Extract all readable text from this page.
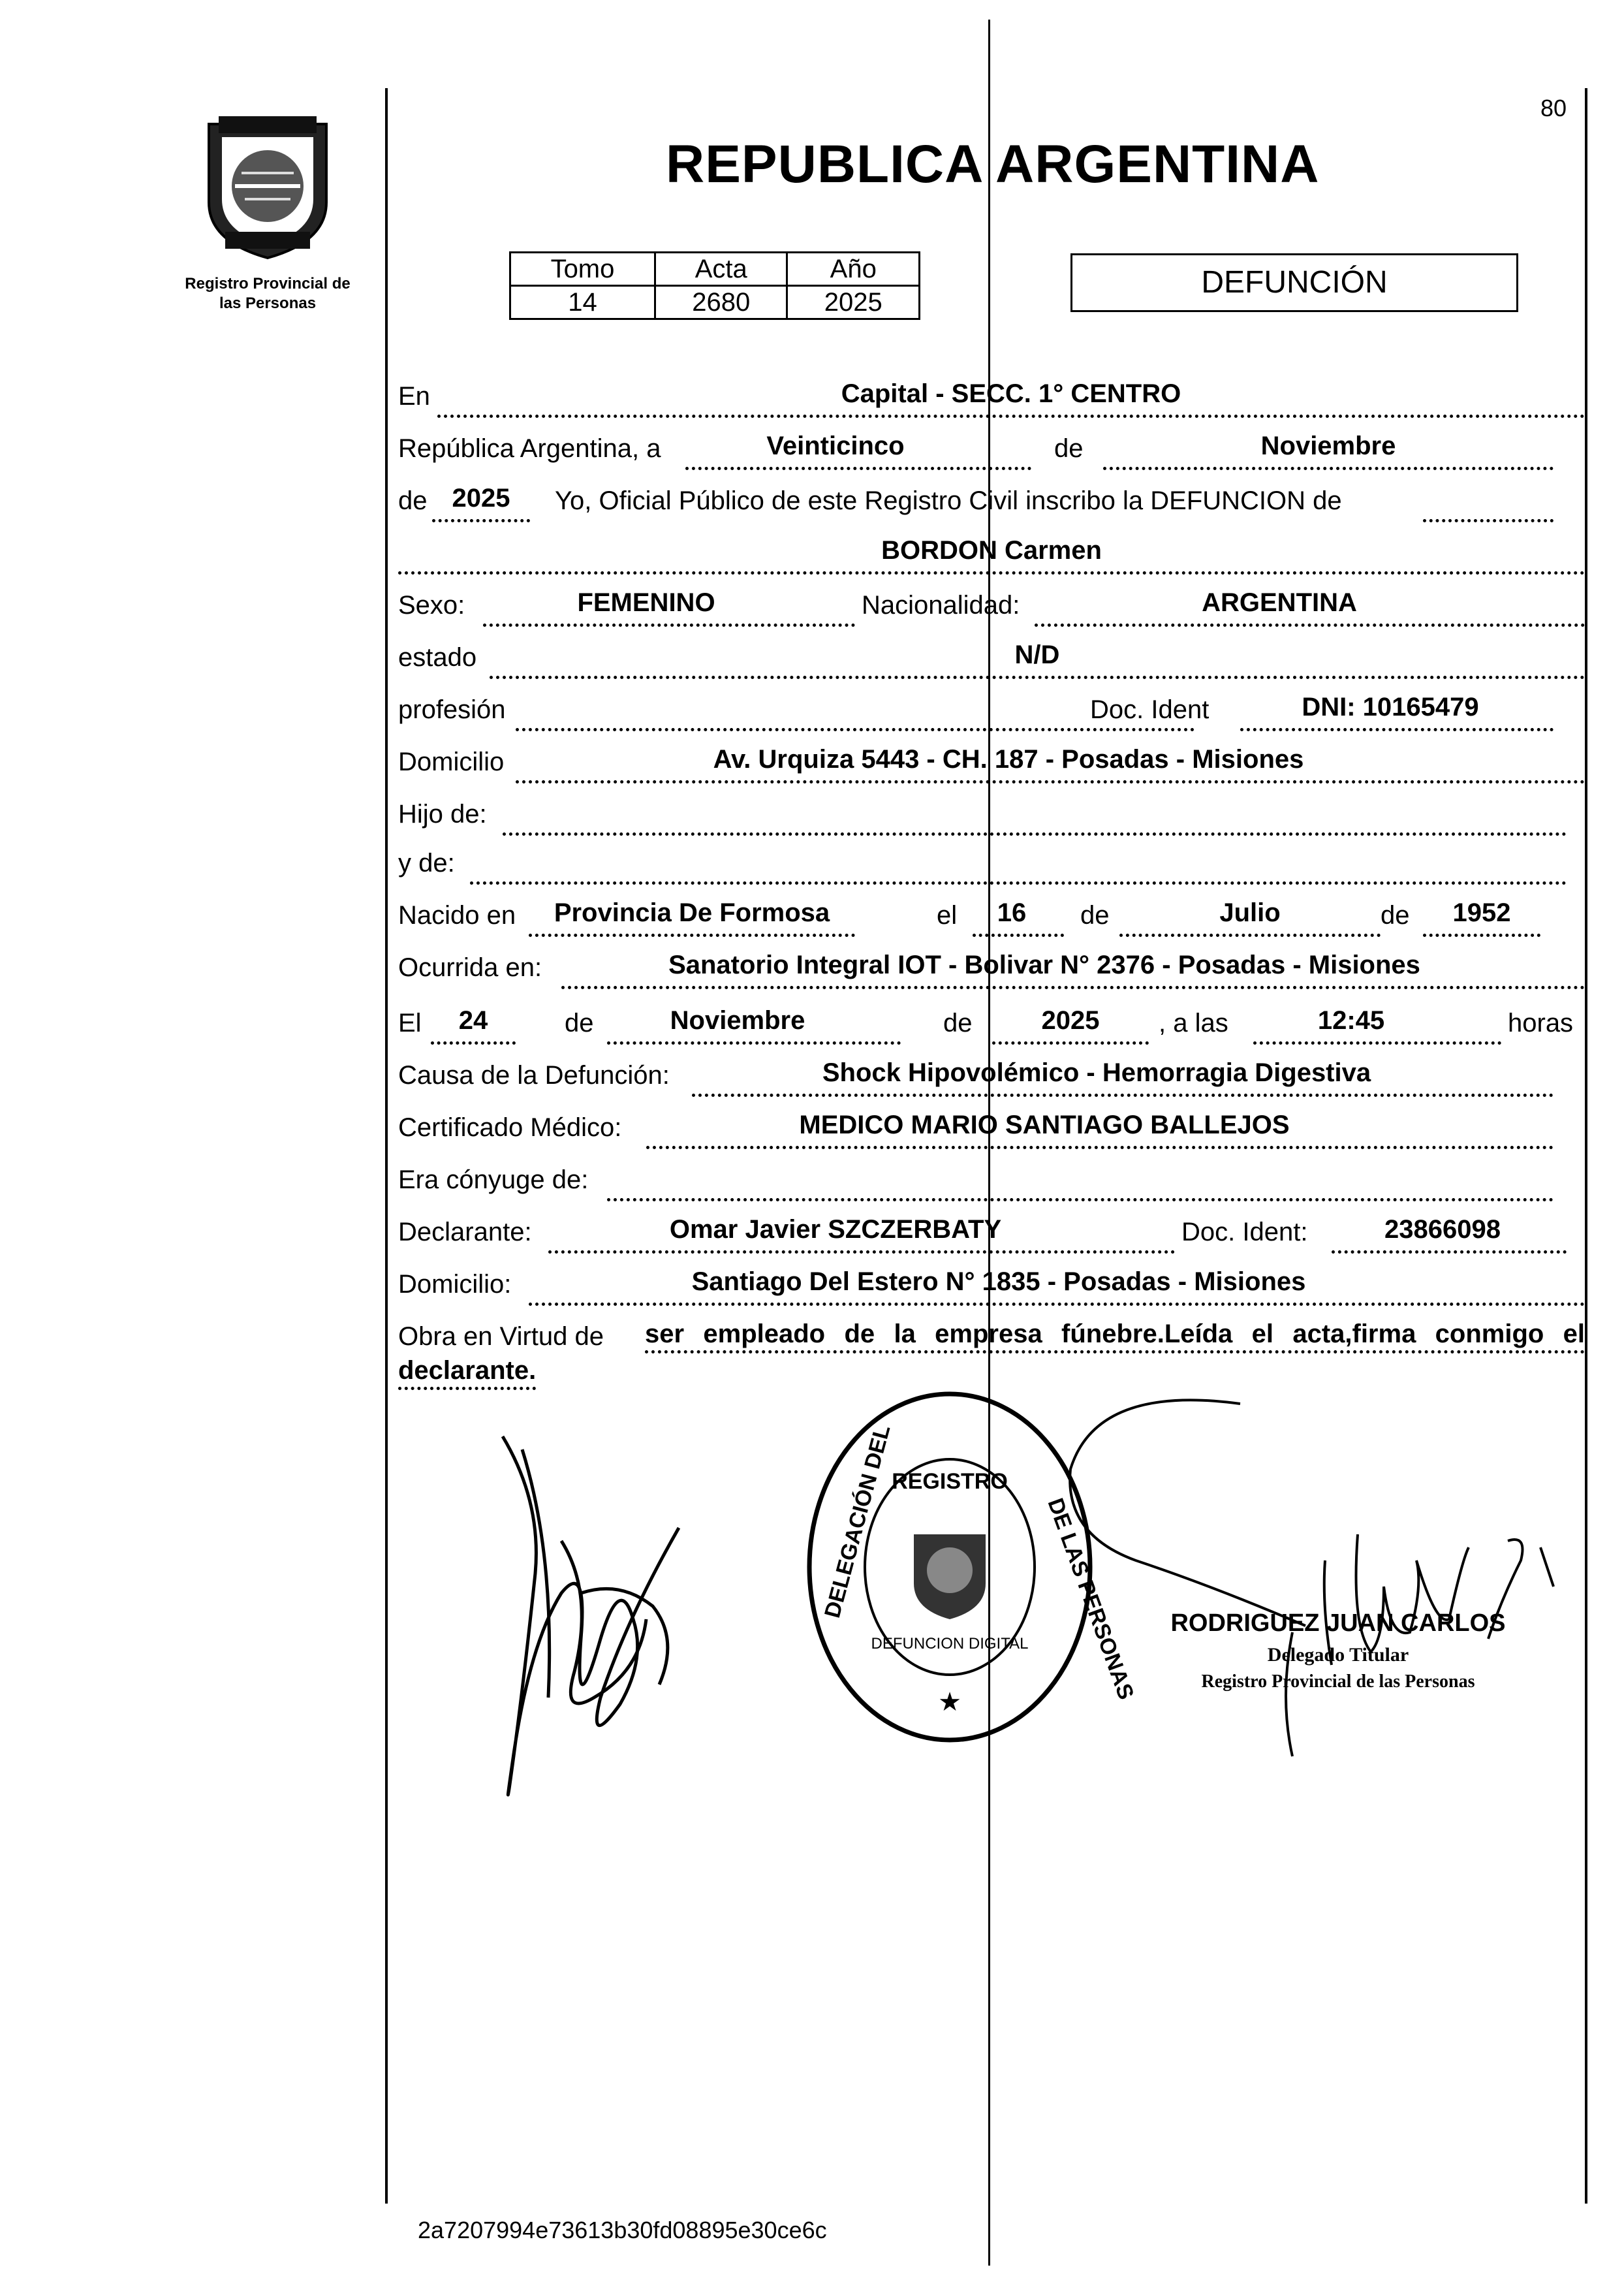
Registro Provincial de
las Personas
80
REPUBLICA ARGENTINA
Tomo	Acta	Año
14	2680	2025
DEFUNCIÓN
En	Capital - SECC. 1° CENTRO
República Argentina, a	Veinticinco	de	Noviembre
de 2025	Yo, Oficial Público de este Registro Civil inscribo la DEFUNCION de
BORDON Carmen
Sexo:	FEMENINO	Nacionalidad:	ARGENTINA
estado	N/D
profesión	Doc. Ident	DNI: 10165479
Domicilio	Av. Urquiza 5443 - CH. 187 - Posadas - Misiones
Hijo de:
y de:
Nacido en	Provincia De Formosa	el	16	de	Julio	de	1952
Ocurrida en:	Sanatorio Integral IOT - Bolivar N° 2376 - Posadas - Misiones
El	24	de	Noviembre	de	2025	, a las	12:45	horas
Causa de la Defunción:	Shock Hipovolémico - Hemorragia Digestiva
Certificado Médico:	MEDICO MARIO SANTIAGO BALLEJOS
Era cónyuge de:
Declarante:	Omar Javier SZCZERBATY	Doc. Ident:	23866098
Domicilio:	Santiago Del Estero N° 1835 - Posadas - Misiones
Obra en Virtud de ser empleado de la empresa fúnebre.Leída el acta,firma conmigo el
declarante.
REGISTRO
DELEGACIÓN DEL	DE LAS PERSONAS
DEFUNCION DIGITAL
★
RODRIGUEZ JUAN CARLOS
Delegado Titular
Registro Provincial de las Personas
2a7207994e73613b30fd08895e30ce6c
